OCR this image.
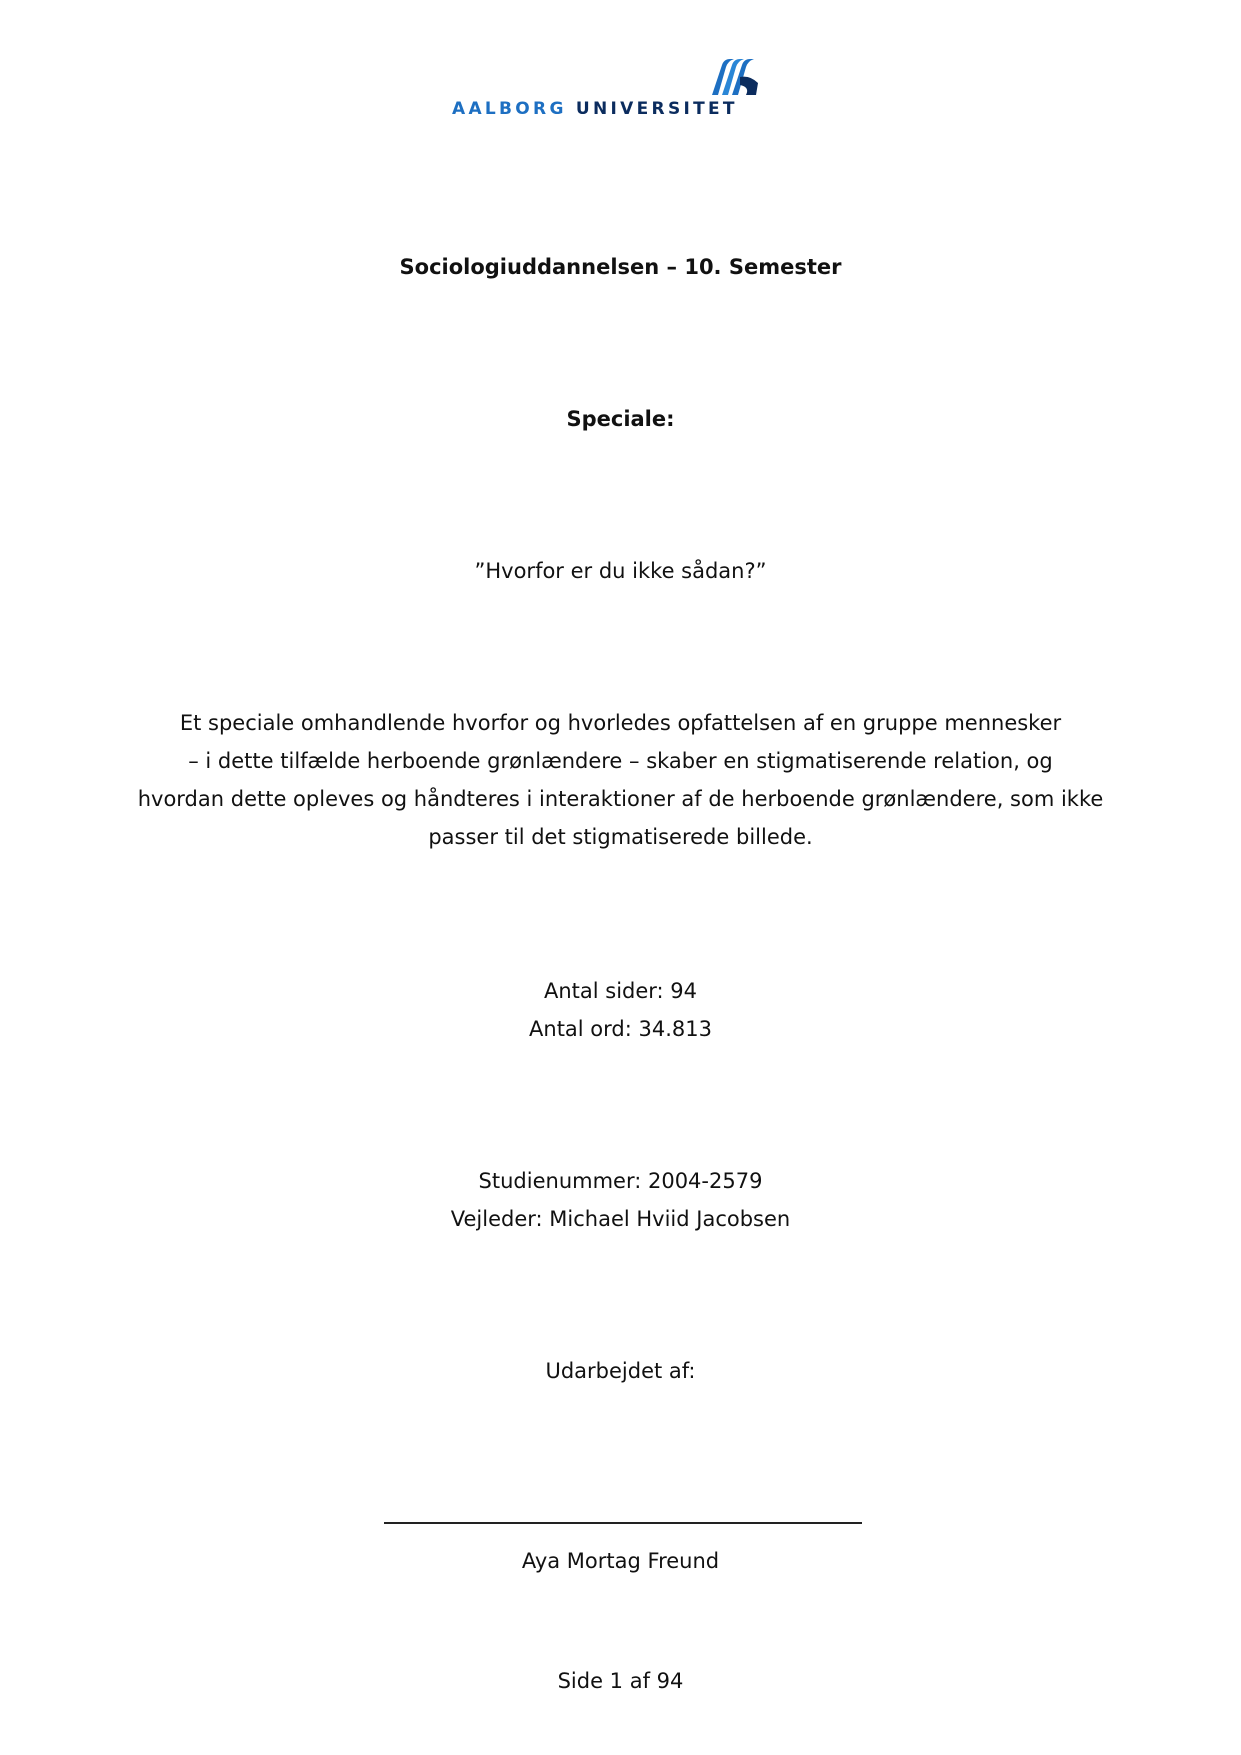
AALBORG UNIVERSITET
Sociologiuddannelsen – 10. Semester
Speciale:
”Hvorfor er du ikke sådan?”
Et speciale omhandlende hvorfor og hvorledes opfattelsen af en gruppe mennesker
– i dette tilfælde herboende grønlændere – skaber en stigmatiserende relation, og
hvordan dette opleves og håndteres i interaktioner af de herboende grønlændere, som ikke
passer til det stigmatiserede billede.
Antal sider: 94
Antal ord: 34.813
Studienummer: 2004-2579
Vejleder: Michael Hviid Jacobsen
Udarbejdet af:
Aya Mortag Freund
Side 1 af 94
